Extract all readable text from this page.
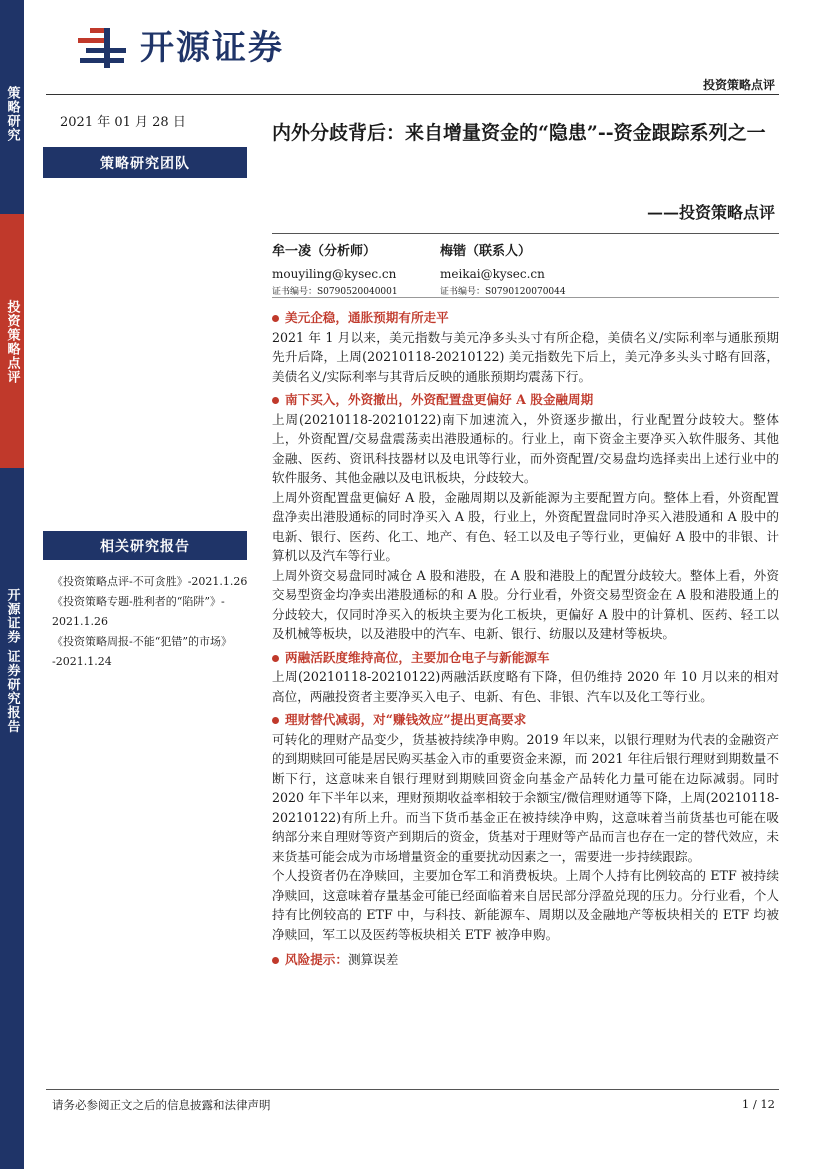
开源证券
投资策略点评
策略研究
投资策略点评
开源证券 证券研究报告
2021 年 01 月 28 日
策略研究团队
相关研究报告
《投资策略点评-不可贪胜》-2021.1.26
《投资策略专题-胜利者的“陷阱”》-
2021.1.26
《投资策略周报-不能“犯错”的市场》
-2021.1.24
内外分歧背后：来自增量资金的“隐患”--资金跟踪系列之一
——投资策略点评
牟一凌（分析师）
mouyiling@kysec.cn
证书编号：S0790520040001
梅锴（联系人）
meikai@kysec.cn
证书编号：S0790120070044

美元企稳，通胀预期有所走平

2021 年 1 月以来，美元指数与美元净多头头寸有所企稳，美债名义/实际利率与通胀预期先升后降，上周(20210118-20210122) 美元指数先下后上，美元净多头头寸略有回落，美债名义/实际利率与其背后反映的通胀预期均震荡下行。

南下买入，外资撤出，外资配置盘更偏好 A 股金融周期

上周(20210118-20210122)南下加速流入，外资逐步撤出，行业配置分歧较大。整体上，外资配置/交易盘震荡卖出港股通标的。行业上，南下资金主要净买入软件服务、其他金融、医药、资讯科技器材以及电讯等行业，而外资配置/交易盘均选择卖出上述行业中的软件服务、其他金融以及电讯板块，分歧较大。

上周外资配置盘更偏好 A 股，金融周期以及新能源为主要配置方向。整体上看，外资配置盘净卖出港股通标的同时净买入 A 股，行业上，外资配置盘同时净买入港股通和 A 股中的电新、银行、医药、化工、地产、有色、轻工以及电子等行业，更偏好 A 股中的非银、计算机以及汽车等行业。

上周外资交易盘同时减仓 A 股和港股，在 A 股和港股上的配置分歧较大。整体上看，外资交易型资金均净卖出港股通标的和 A 股。分行业看，外资交易型资金在 A 股和港股通上的分歧较大，仅同时净买入的板块主要为化工板块，更偏好 A 股中的计算机、医药、轻工以及机械等板块，以及港股中的汽车、电新、银行、纺服以及建材等板块。

两融活跃度维持高位，主要加仓电子与新能源车

上周(20210118-20210122)两融活跃度略有下降，但仍维持 2020 年 10 月以来的相对高位，两融投资者主要净买入电子、电新、有色、非银、汽车以及化工等行业。

理财替代减弱，对“赚钱效应”提出更高要求

可转化的理财产品变少，货基被持续净申购。2019 年以来，以银行理财为代表的金融资产的到期赎回可能是居民购买基金入市的重要资金来源，而 2021 年往后银行理财到期数量不断下行，这意味来自银行理财到期赎回资金向基金产品转化力量可能在边际减弱。同时 2020 年下半年以来，理财预期收益率相较于余额宝/微信理财通等下降，上周(20210118-20210122)有所上升。而当下货币基金正在被持续净申购，这意味着当前货基也可能在吸纳部分来自理财等资产到期后的资金，货基对于理财等产品而言也存在一定的替代效应，未来货基可能会成为市场增量资金的重要扰动因素之一，需要进一步持续跟踪。

个人投资者仍在净赎回，主要加仓军工和消费板块。上周个人持有比例较高的 ETF 被持续净赎回，这意味着存量基金可能已经面临着来自居民部分浮盈兑现的压力。分行业看，个人持有比例较高的 ETF 中，与科技、新能源车、周期以及金融地产等板块相关的 ETF 均被净赎回，军工以及医药等板块相关 ETF 被净申购。

风险提示：测算误差

请务必参阅正文之后的信息披露和法律声明	1 / 12
